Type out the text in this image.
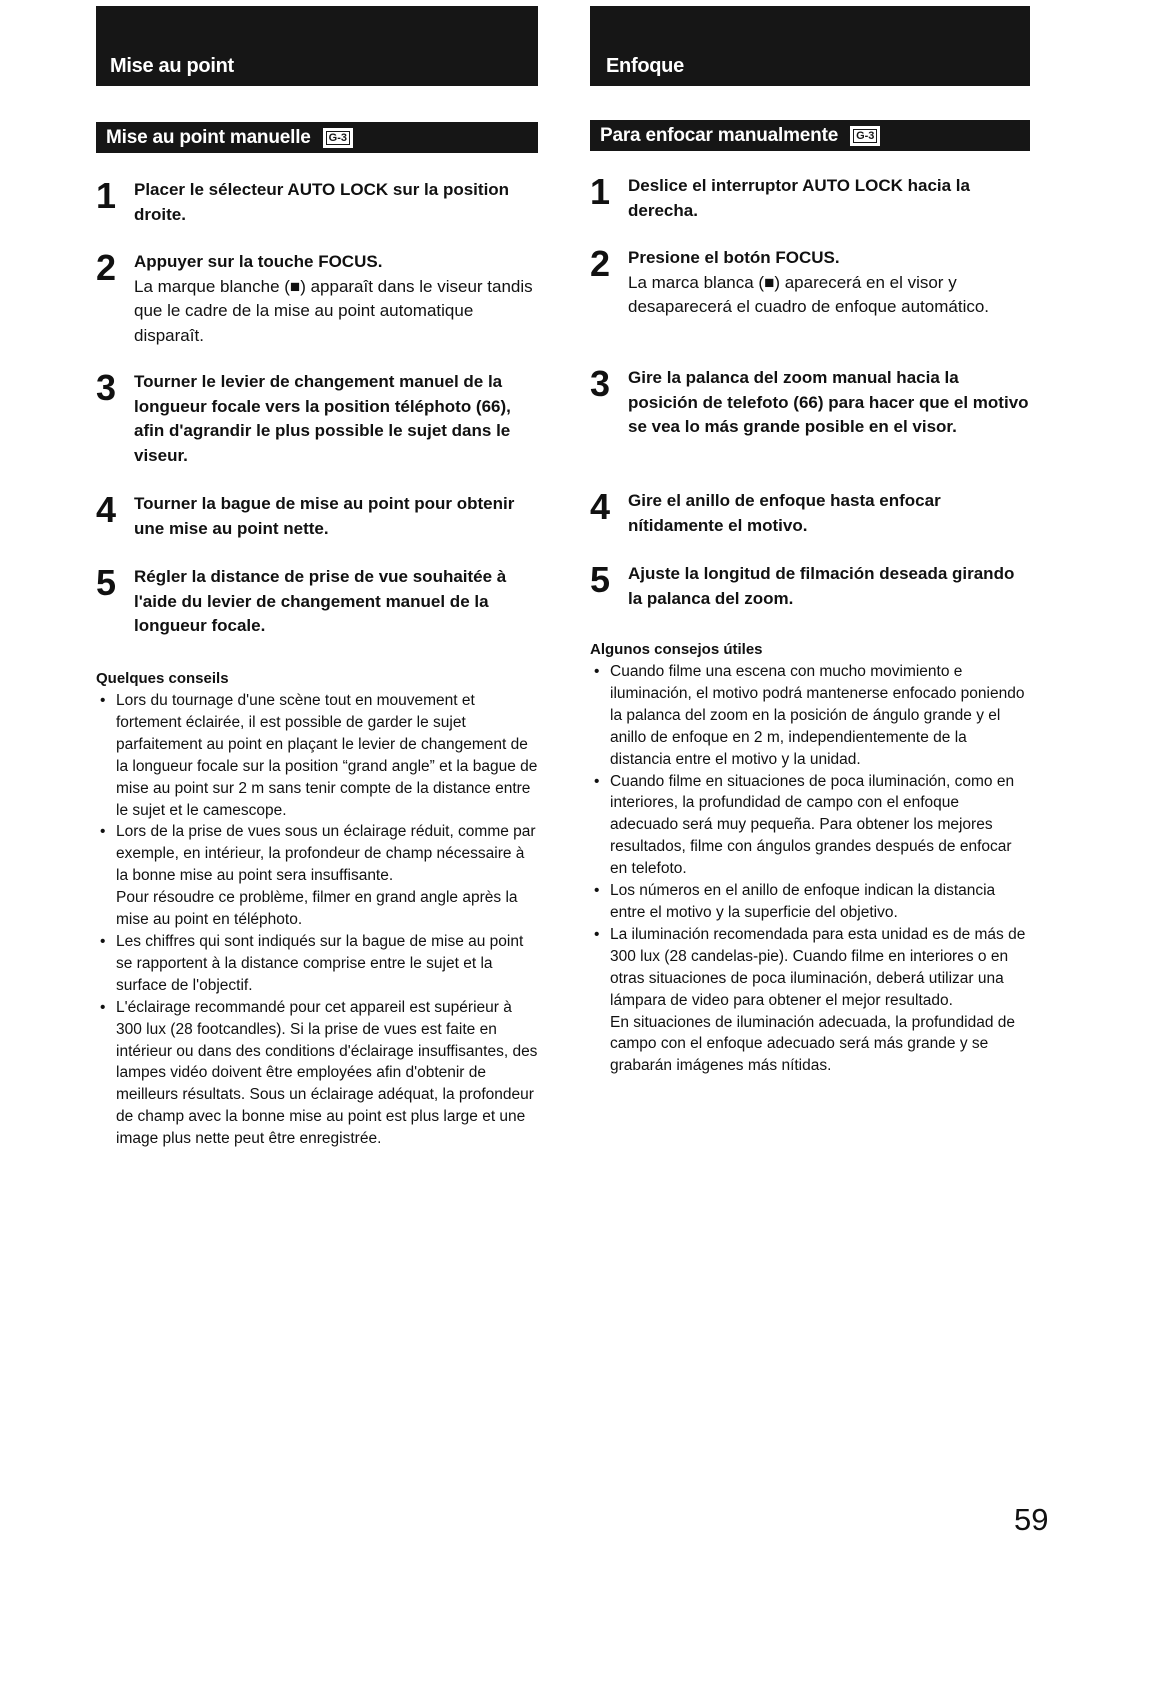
Mise au point
Mise au point manuelle	G-3
1	Placer le sélecteur AUTO LOCK sur la position droite.
2	Appuyer sur la touche FOCUS.
La marque blanche (■) apparaît dans le viseur tandis que le cadre de la mise au point automatique disparaît.
3	Tourner le levier de changement manuel de la longueur focale vers la position téléphoto (66), afin d'agrandir le plus possible le sujet dans le viseur.
4	Tourner la bague de mise au point pour obtenir une mise au point nette.
5	Régler la distance de prise de vue souhaitée à l'aide du levier de changement manuel de la longueur focale.
Quelques conseils
• Lors du tournage d'une scène tout en mouvement et fortement éclairée, il est possible de garder le sujet parfaitement au point en plaçant le levier de changement de la longueur focale sur la position “grand angle” et la bague de mise au point sur 2 m sans tenir compte de la distance entre le sujet et le camescope.
• Lors de la prise de vues sous un éclairage réduit, comme par exemple, en intérieur, la profondeur de champ nécessaire à la bonne mise au point sera insuffisante.
Pour résoudre ce problème, filmer en grand angle après la mise au point en téléphoto.
• Les chiffres qui sont indiqués sur la bague de mise au point se rapportent à la distance comprise entre le sujet et la surface de l'objectif.
• L'éclairage recommandé pour cet appareil est supérieur à 300 lux (28 footcandles). Si la prise de vues est faite en intérieur ou dans des conditions d'éclairage insuffisantes, des lampes vidéo doivent être employées afin d'obtenir de meilleurs résultats. Sous un éclairage adéquat, la profondeur de champ avec la bonne mise au point est plus large et une image plus nette peut être enregistrée.
Enfoque
Para enfocar manualmente	G-3
1	Deslice el interruptor AUTO LOCK hacia la derecha.
2	Presione el botón FOCUS.
La marca blanca (■) aparecerá en el visor y desaparecerá el cuadro de enfoque automático.
3	Gire la palanca del zoom manual hacia la posición de telefoto (66) para hacer que el motivo se vea lo más grande posible en el visor.
4	Gire el anillo de enfoque hasta enfocar nítidamente el motivo.
5	Ajuste la longitud de filmación deseada girando la palanca del zoom.
Algunos consejos útiles
• Cuando filme una escena con mucho movimiento e iluminación, el motivo podrá mantenerse enfocado poniendo la palanca del zoom en la posición de ángulo grande y el anillo de enfoque en 2 m, independientemente de la distancia entre el motivo y la unidad.
• Cuando filme en situaciones de poca iluminación, como en interiores, la profundidad de campo con el enfoque adecuado será muy pequeña. Para obtener los mejores resultados, filme con ángulos grandes después de enfocar en telefoto.
• Los números en el anillo de enfoque indican la distancia entre el motivo y la superficie del objetivo.
• La iluminación recomendada para esta unidad es de más de 300 lux (28 candelas-pie). Cuando filme en interiores o en otras situaciones de poca iluminación, deberá utilizar una lámpara de video para obtener el mejor resultado.
En situaciones de iluminación adecuada, la profundidad de campo con el enfoque adecuado será más grande y se grabarán imágenes más nítidas.
59
